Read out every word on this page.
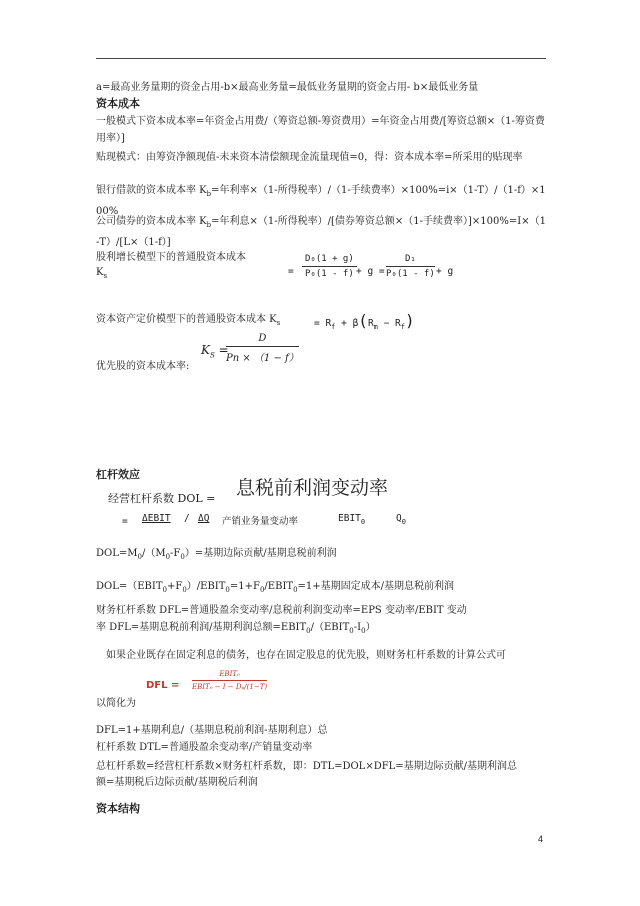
a=最高业务量期的资金占用-b×最高业务量=最低业务量期的资金占用- b×最低业务量
资本成本
一般模式下资本成本率=年资金占用费/（筹资总额-筹资费用）=年资金占用费/[筹资总额×（1-筹资费用率）]
贴现模式：由筹资净额现值-未来资本清偿额现金流量现值=0，得：资本成本率=所采用的贴现率
银行借款的资本成本率 $K_b=$年利率×（1-所得税率）/（1-手续费率）×100%=i×（1-T）/（1-f）×100%
公司债券的资本成本率 $K_b=$年利息×（1-所得税率）/[债券筹资总额×（1-手续费率）]×100%=I×（1-T）/[L×（1-f）]
股利增长模型下的普通股资本成本
$K_s$	= $\frac{\text{D₀(1 + g)}}{\text{P₀(1 - f)}} + g = \frac{\text{D₁}}{\text{P₀(1 - f)}} + g$
资本资产定价模型下的普通股资本成本 $K_s$	= $R_f + \beta(R_m - R_f)$
$K_S$ =
$\frac{D}{Pn \times (1 - f)}$
优先股的资本成本率:
杠杆效应
经营杠杆系数 DOL = 息税前利润变动率
= ΔEBIT / ΔQ 产销业务量变动率	$EBIT_0$	$Q_0$
$DOL=M_0/(M_0-F_0)=$基期边际贡献/基期息税前利润
$DOL=(EBIT_0+F_0)/EBIT_0=1+F_0/EBIT_0=1+$基期固定成本/基期息税前利润
财务杠杆系数 DFL=普通股盈余变动率/息税前利润变动率=EPS 变动率/EBIT 变动
率 DFL=基期息税前利润/基期利润总额$=EBIT_0/(EBIT_0-I_0)$
如果企业既存在固定利息的债务，也存在固定股息的优先股，则财务杠杆系数的计算公式可
DFL =
EBIT₀
EBIT₀ − I − Dₚ/(1−T)
以简化为
DFL=1+基期利息/（基期息税前利润-基期利息）总
杠杆系数 DTL=普通股盈余变动率/产销量变动率
总杠杆系数=经营杠杆系数×财务杠杆系数，即：DTL=DOL×DFL=基期边际贡献/基期利润总
额=基期税后边际贡献/基期税后利润
资本结构
4
